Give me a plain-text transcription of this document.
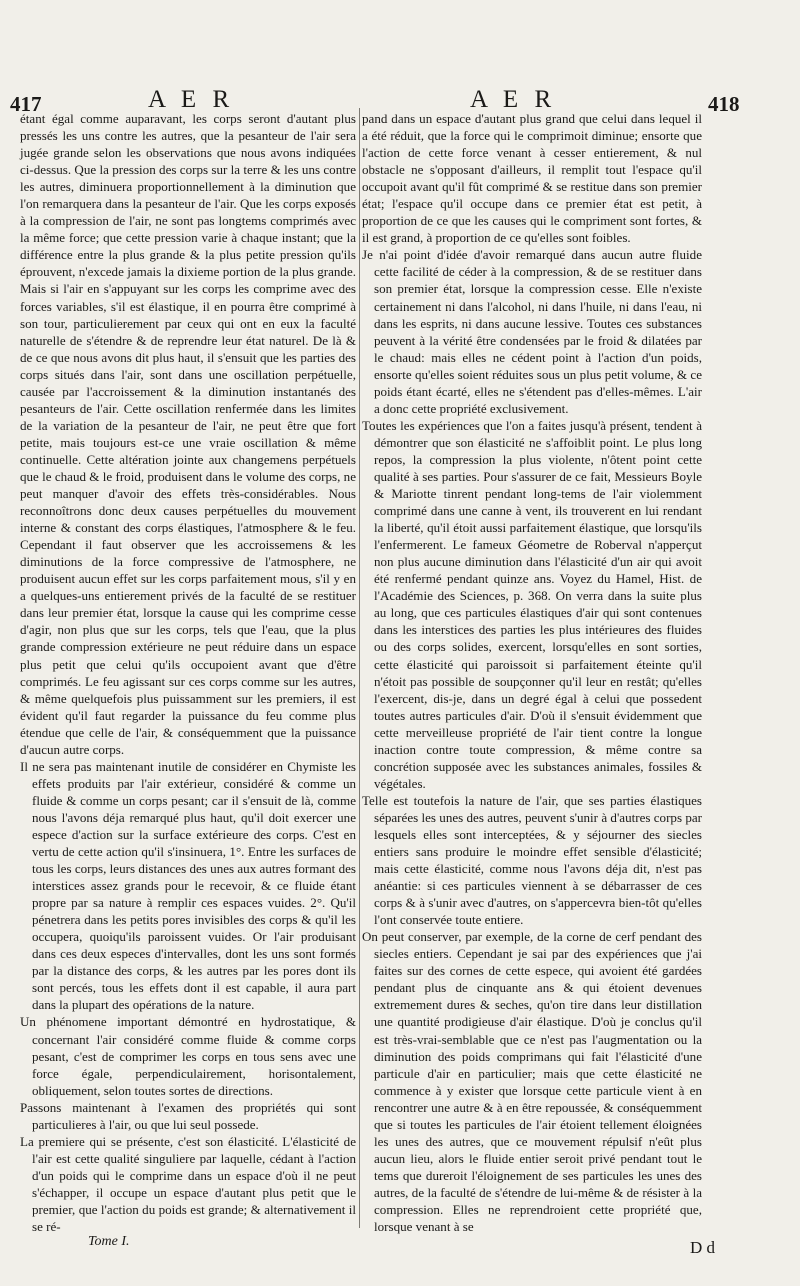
417	A E R	A E R	418

étant égal comme auparavant, les corps seront d'autant plus pressés les uns contre les autres, que la pesanteur de l'air sera jugée grande selon les observations que nous avons indiquées ci-dessus. Que la pression des corps sur la terre & les uns contre les autres, diminuera proportionnellement à la diminution que l'on remarquera dans la pesanteur de l'air. Que les corps exposés à la compression de l'air, ne sont pas longtems comprimés avec la même force; que cette pression varie à chaque instant; que la différence entre la plus grande & la plus petite pression qu'ils éprouvent, n'excede jamais la dixieme portion de la plus grande. Mais si l'air en s'appuyant sur les corps les comprime avec des forces variables, s'il est élastique, il en pourra être comprimé à son tour, particulierement par ceux qui ont en eux la faculté naturelle de s'étendre & de reprendre leur état naturel. De là & de ce que nous avons dit plus haut, il s'ensuit que les parties des corps situés dans l'air, sont dans une oscillation perpétuelle, causée par l'accroissement & la diminution instantanés des pesanteurs de l'air. Cette oscillation renfermée dans les limites de la variation de la pesanteur de l'air, ne peut être que fort petite, mais toujours est-ce une vraie oscillation & même continuelle. Cette altération jointe aux changemens perpétuels que le chaud & le froid, produisent dans le volume des corps, ne peut manquer d'avoir des effets très-considérables. Nous reconnoîtrons donc deux causes perpétuelles du mouvement interne & constant des corps élastiques, l'atmosphere & le feu. Cependant il faut observer que les accroissemens & les diminutions de la force compressive de l'atmosphere, ne produisent aucun effet sur les corps parfaitement mous, s'il y en a quelques-uns entierement privés de la faculté de se restituer dans leur premier état, lorsque la cause qui les comprime cesse d'agir, non plus que sur les corps, tels que l'eau, que la plus grande compression extérieure ne peut réduire dans un espace plus petit que celui qu'ils occupoient avant que d'être comprimés. Le feu agissant sur ces corps comme sur les autres, & même quelquefois plus puissamment sur les premiers, il est évident qu'il faut regarder la puissance du feu comme plus étendue que celle de l'air, & conséquemment que la puissance d'aucun autre corps.

Il ne sera pas maintenant inutile de considérer en Chymiste les effets produits par l'air extérieur, considéré & comme un fluide & comme un corps pesant; car il s'ensuit de là, comme nous l'avons déja remarqué plus haut, qu'il doit exercer une espece d'action sur la surface extérieure des corps. C'est en vertu de cette action qu'il s'insinuera, 1°. Entre les surfaces de tous les corps, leurs distances des unes aux autres formant des interstices assez grands pour le recevoir, & ce fluide étant propre par sa nature à remplir ces espaces vuides. 2°. Qu'il pénetrera dans les petits pores invisibles des corps & qu'il les occupera, quoiqu'ils paroissent vuides. Or l'air produisant dans ces deux especes d'intervalles, dont les uns sont formés par la distance des corps, & les autres par les pores dont ils sont percés, tous les effets dont il est capable, il aura part dans la plupart des opérations de la nature.

Un phénomene important démontré en hydrostatique, & concernant l'air considéré comme fluide & comme corps pesant, c'est de comprimer les corps en tous sens avec une force égale, perpendiculairement, horisontalement, obliquement, selon toutes sortes de directions.

Passons maintenant à l'examen des propriétés qui sont particulieres à l'air, ou que lui seul possede.

La premiere qui se présente, c'est son élasticité. L'élasticité de l'air est cette qualité singuliere par laquelle, cédant à l'action d'un poids qui le comprime dans un espace d'où il ne peut s'échapper, il occupe un espace d'autant plus petit que le premier, que l'action du poids est grande; & alternativement il se ré-

pand dans un espace d'autant plus grand que celui dans lequel il a été réduit, que la force qui le comprimoit diminue; ensorte que l'action de cette force venant à cesser entierement, & nul obstacle ne s'opposant d'ailleurs, il remplit tout l'espace qu'il occupoit avant qu'il fût comprimé & se restitue dans son premier état; l'espace qu'il occupe dans ce premier état est petit, à proportion de ce que les causes qui le compriment sont fortes, & il est grand, à proportion de ce qu'elles sont foibles.

Je n'ai point d'idée d'avoir remarqué dans aucun autre fluide cette facilité de céder à la compression, & de se restituer dans son premier état, lorsque la compression cesse. Elle n'existe certainement ni dans l'alcohol, ni dans l'huile, ni dans l'eau, ni dans les esprits, ni dans aucune lessive. Toutes ces substances peuvent à la vérité être condensées par le froid & dilatées par le chaud: mais elles ne cédent point à l'action d'un poids, ensorte qu'elles soient réduites sous un plus petit volume, & ce poids étant écarté, elles ne s'étendent pas d'elles-mêmes. L'air a donc cette propriété exclusivement.

Toutes les expériences que l'on a faites jusqu'à présent, tendent à démontrer que son élasticité ne s'affoiblit point. Le plus long repos, la compression la plus violente, n'ôtent point cette qualité à ses parties. Pour s'assurer de ce fait, Messieurs Boyle & Mariotte tinrent pendant long-tems de l'air violemment comprimé dans une canne à vent, ils trouverent en lui rendant la liberté, qu'il étoit aussi parfaitement élastique, que lorsqu'ils l'enfermerent. Le fameux Géometre de Roberval n'apperçut non plus aucune diminution dans l'élasticité d'un air qui avoit été renfermé pendant quinze ans. Voyez du Hamel, Hist. de l'Académie des Sciences, p. 368. On verra dans la suite plus au long, que ces particules élastiques d'air qui sont contenues dans les interstices des parties les plus intérieures des fluides ou des corps solides, exercent, lorsqu'elles en sont sorties, cette élasticité qui paroissoit si parfaitement éteinte qu'il n'étoit pas possible de soupçonner qu'il leur en restât; qu'elles l'exercent, dis-je, dans un degré égal à celui que possedent toutes autres particules d'air. D'où il s'ensuit évidemment que cette merveilleuse propriété de l'air tient contre la longue inaction contre toute compression, & même contre sa concrétion supposée avec les substances animales, fossiles & végétales.

Telle est toutefois la nature de l'air, que ses parties élastiques séparées les unes des autres, peuvent s'unir à d'autres corps par lesquels elles sont interceptées, & y séjourner des siecles entiers sans produire le moindre effet sensible d'élasticité; mais cette élasticité, comme nous l'avons déja dit, n'est pas anéantie: si ces particules viennent à se débarrasser de ces corps & à s'unir avec d'autres, on s'appercevra bien-tôt qu'elles l'ont conservée toute entiere.

On peut conserver, par exemple, de la corne de cerf pendant des siecles entiers. Cependant je sai par des expériences que j'ai faites sur des cornes de cette espece, qui avoient été gardées pendant plus de cinquante ans & qui étoient devenues extremement dures & seches, qu'on tire dans leur distillation une quantité prodigieuse d'air élastique. D'où je conclus qu'il est très-vrai-semblable que ce n'est pas l'augmentation ou la diminution des poids comprimans qui fait l'élasticité d'une particule d'air en particulier; mais que cette élasticité ne commence à y exister que lorsque cette particule vient à en rencontrer une autre & à en être repoussée, & conséquemment que si toutes les particules de l'air étoient tellement éloignées les unes des autres, que ce mouvement répulsif n'eût plus aucun lieu, alors le fluide entier seroit privé pendant tout le tems que dureroit l'éloignement de ses particules les unes des autres, de la faculté de s'étendre de lui-même & de résister à la compression. Elles ne reprendroient cette propriété que, lorsque venant à se

Tome I.	D d
